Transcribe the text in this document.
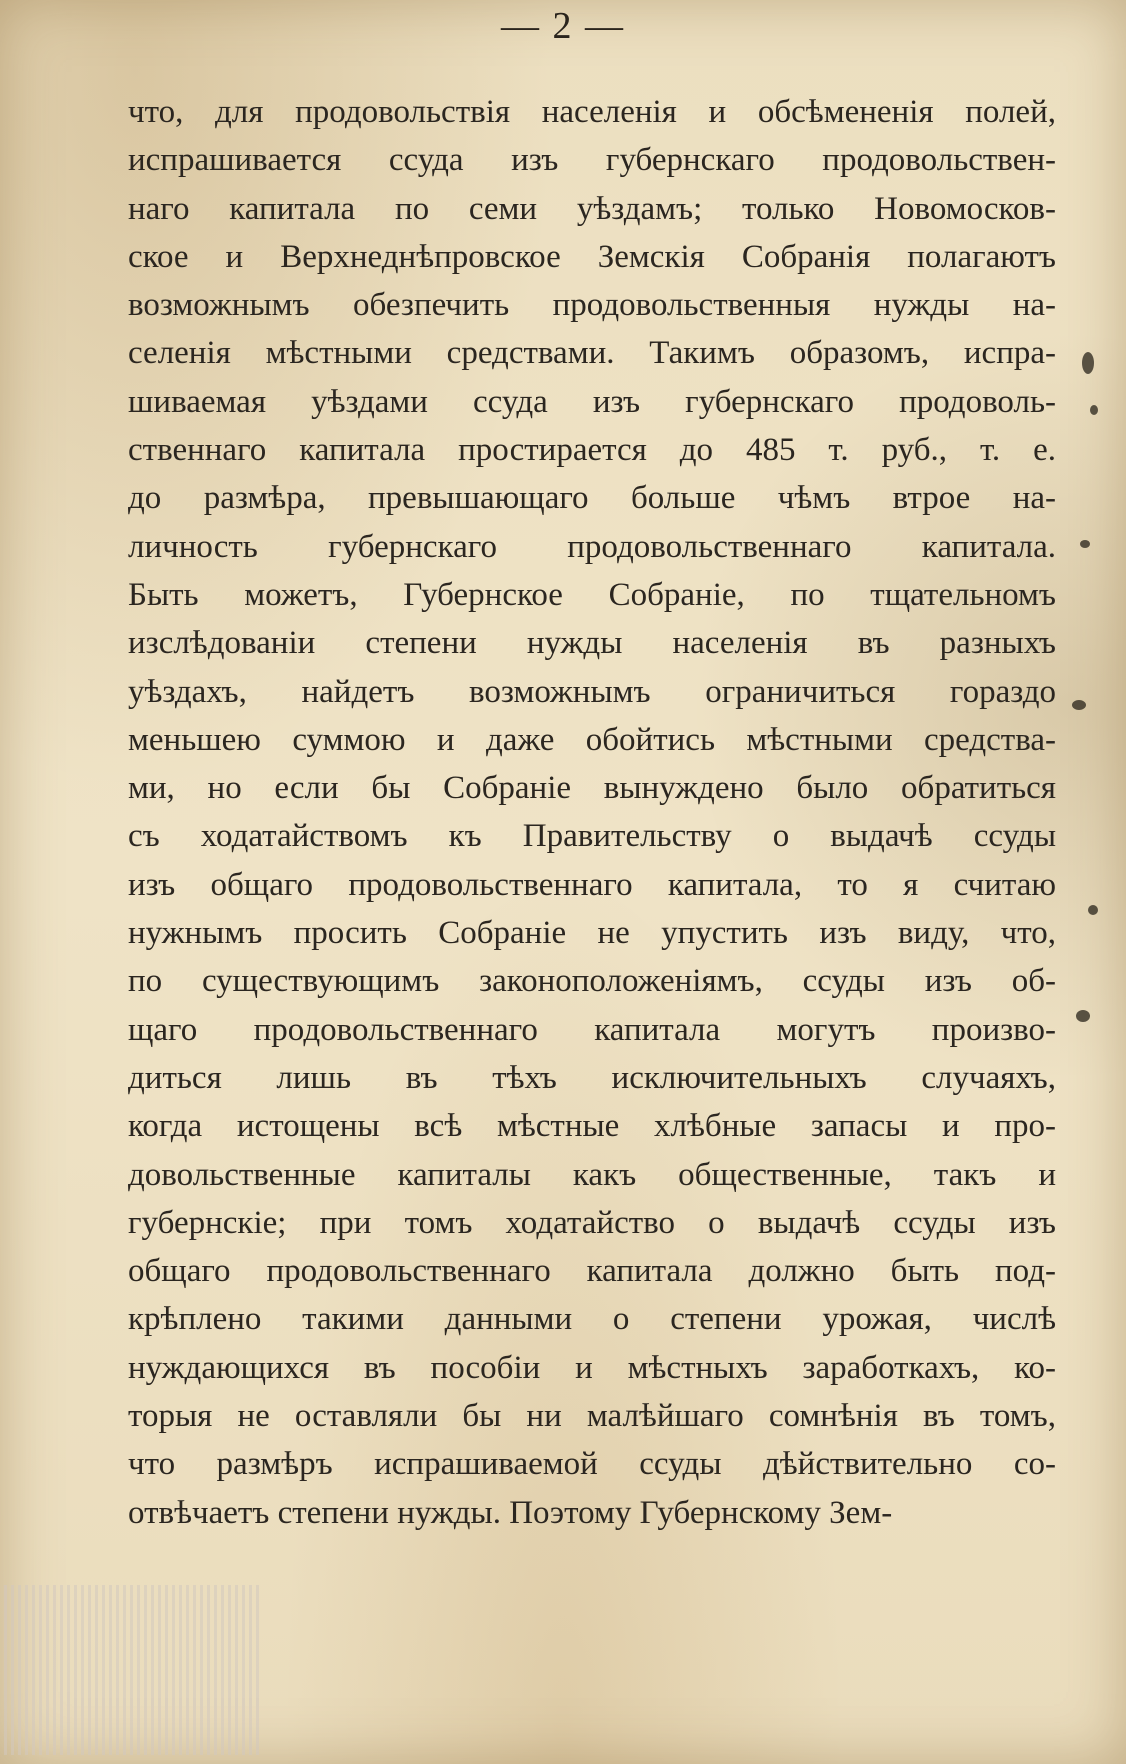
— 2 —
что, для продовольствія населенія и обсѣмененія полей,
испрашивается ссуда изъ губернскаго продовольствен-
наго капитала по семи уѣздамъ; только Новомосков-
ское и Верхнеднѣпровское Земскія Собранія полагаютъ
возможнымъ обезпечить продовольственныя нужды на-
селенія мѣстными средствами. Такимъ образомъ, испра-
шиваемая уѣздами ссуда изъ губернскаго продоволь-
ственнаго капитала простирается до 485 т. руб., т. е.
до размѣра, превышающаго больше чѣмъ втрое на-
личность губернскаго продовольственнаго капитала.
Быть можетъ, Губернское Собраніе, по тщательномъ
изслѣдованіи степени нужды населенія въ разныхъ
уѣздахъ, найдетъ возможнымъ ограничиться гораздо
меньшею суммою и даже обойтись мѣстными средства-
ми, но если бы Собраніе вынуждено было обратиться
съ ходатайствомъ къ Правительству о выдачѣ ссуды
изъ общаго продовольственнаго капитала, то я считаю
нужнымъ просить Собраніе не упустить изъ виду, что,
по существующимъ законоположеніямъ, ссуды изъ об-
щаго продовольственнаго капитала могутъ произво-
диться лишь въ тѣхъ исключительныхъ случаяхъ,
когда истощены всѣ мѣстные хлѣбные запасы и про-
довольственные капиталы какъ общественные, такъ и
губернскіе; при томъ ходатайство о выдачѣ ссуды изъ
общаго продовольственнаго капитала должно быть под-
крѣплено такими данными о степени урожая, числѣ
нуждающихся въ пособіи и мѣстныхъ заработкахъ, ко-
торыя не оставляли бы ни малѣйшаго сомнѣнія въ томъ,
что размѣръ испрашиваемой ссуды дѣйствительно со-
отвѣчаетъ степени нужды. Поэтому Губернскому Зем-
